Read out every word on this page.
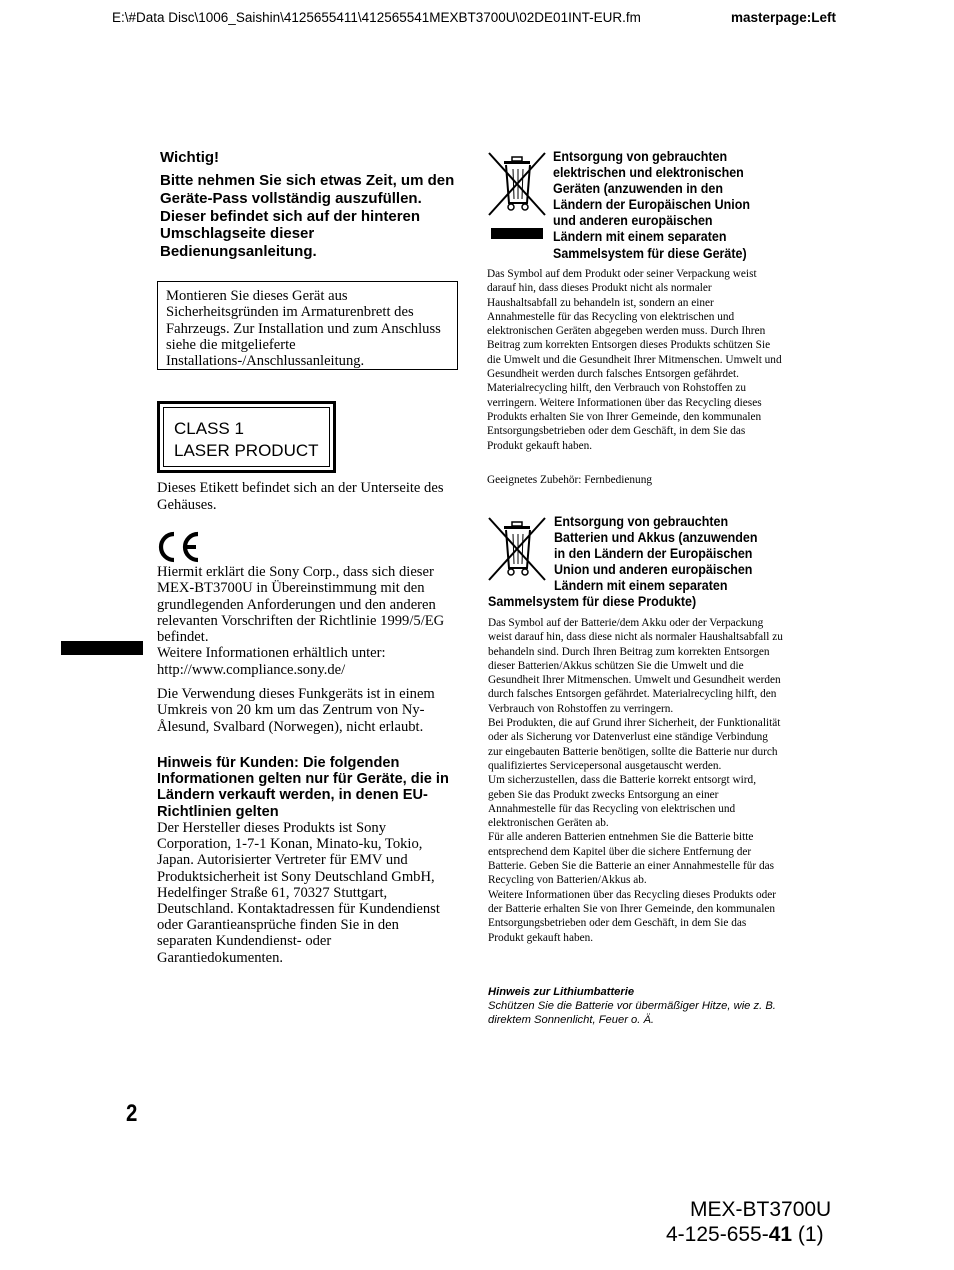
E:\#Data Disc\1006_Saishin\4125655411\412565541MEXBT3700U\02DE01INT-EUR.fm	masterpage:Left
Wichtig!
Bitte nehmen Sie sich etwas Zeit, um den Geräte-Pass vollständig auszufüllen. Dieser befindet sich auf der hinteren Umschlagseite dieser Bedienungsanleitung.
Montieren Sie dieses Gerät aus Sicherheitsgründen im Armaturenbrett des Fahrzeugs. Zur Installation und zum Anschluss siehe die mitgelieferte Installations-/Anschlussanleitung.
CLASS 1
LASER PRODUCT
Dieses Etikett befindet sich an der Unterseite des Gehäuses.

Hiermit erklärt die Sony Corp., dass sich dieser MEX-BT3700U in Übereinstimmung mit den grundlegenden Anforderungen und den anderen relevanten Vorschriften der Richtlinie 1999/5/EG befindet.

Weitere Informationen erhältlich unter:

http://www.compliance.sony.de/

Die Verwendung dieses Funkgeräts ist in einem Umkreis von 20 km um das Zentrum von Ny-Ålesund, Svalbard (Norwegen), nicht erlaubt.
Hinweis für Kunden: Die folgenden Informationen gelten nur für Geräte, die in Ländern verkauft werden, in denen EU-Richtlinien gelten
Der Hersteller dieses Produkts ist Sony Corporation, 1-7-1 Konan, Minato-ku, Tokio, Japan. Autorisierter Vertreter für EMV und Produktsicherheit ist Sony Deutschland GmbH, Hedelfinger Straße 61, 70327 Stuttgart, Deutschland. Kontaktadressen für Kundendienst oder Garantieansprüche finden Sie in den separaten Kundendienst- oder Garantiedokumenten.
2
Entsorgung von gebrauchten elektrischen und elektronischen Geräten (anzuwenden in den Ländern der Europäischen Union und anderen europäischen Ländern mit einem separaten Sammelsystem für diese Geräte)
Das Symbol auf dem Produkt oder seiner Verpackung weist darauf hin, dass dieses Produkt nicht als normaler Haushaltsabfall zu behandeln ist, sondern an einer Annahmestelle für das Recycling von elektrischen und elektronischen Geräten abgegeben werden muss. Durch Ihren Beitrag zum korrekten Entsorgen dieses Produkts schützen Sie die Umwelt und die Gesundheit Ihrer Mitmenschen. Umwelt und Gesundheit werden durch falsches Entsorgen gefährdet. Materialrecycling hilft, den Verbrauch von Rohstoffen zu verringern. Weitere Informationen über das Recycling dieses Produkts erhalten Sie von Ihrer Gemeinde, den kommunalen Entsorgungsbetrieben oder dem Geschäft, in dem Sie das Produkt gekauft haben.
Geeignetes Zubehör: Fernbedienung
Entsorgung von gebrauchten Batterien und Akkus (anzuwenden in den Ländern der Europäischen Union und anderen europäischen Ländern mit einem separaten
Sammelsystem für diese Produkte)

Das Symbol auf der Batterie/dem Akku oder der Verpackung weist darauf hin, dass diese nicht als normaler Haushaltsabfall zu behandeln sind. Durch Ihren Beitrag zum korrekten Entsorgen dieser Batterien/Akkus schützen Sie die Umwelt und die Gesundheit Ihrer Mitmenschen. Umwelt und Gesundheit werden durch falsches Entsorgen gefährdet. Materialrecycling hilft, den Verbrauch von Rohstoffen zu verringern.

Bei Produkten, die auf Grund ihrer Sicherheit, der Funktionalität oder als Sicherung vor Datenverlust eine ständige Verbindung zur eingebauten Batterie benötigen, sollte die Batterie nur durch qualifiziertes Servicepersonal ausgetauscht werden.

Um sicherzustellen, dass die Batterie korrekt entsorgt wird, geben Sie das Produkt zwecks Entsorgung an einer Annahmestelle für das Recycling von elektrischen und elektronischen Geräten ab.

Für alle anderen Batterien entnehmen Sie die Batterie bitte entsprechend dem Kapitel über die sichere Entfernung der Batterie. Geben Sie die Batterie an einer Annahmestelle für das Recycling von Batterien/Akkus ab.

Weitere Informationen über das Recycling dieses Produkts oder der Batterie erhalten Sie von Ihrer Gemeinde, den kommunalen Entsorgungsbetrieben oder dem Geschäft, in dem Sie das Produkt gekauft haben.

Hinweis zur Lithiumbatterie
Schützen Sie die Batterie vor übermäßiger Hitze, wie z. B. direktem Sonnenlicht, Feuer o. Ä.
MEX-BT3700U
4-125-655-41 (1)
